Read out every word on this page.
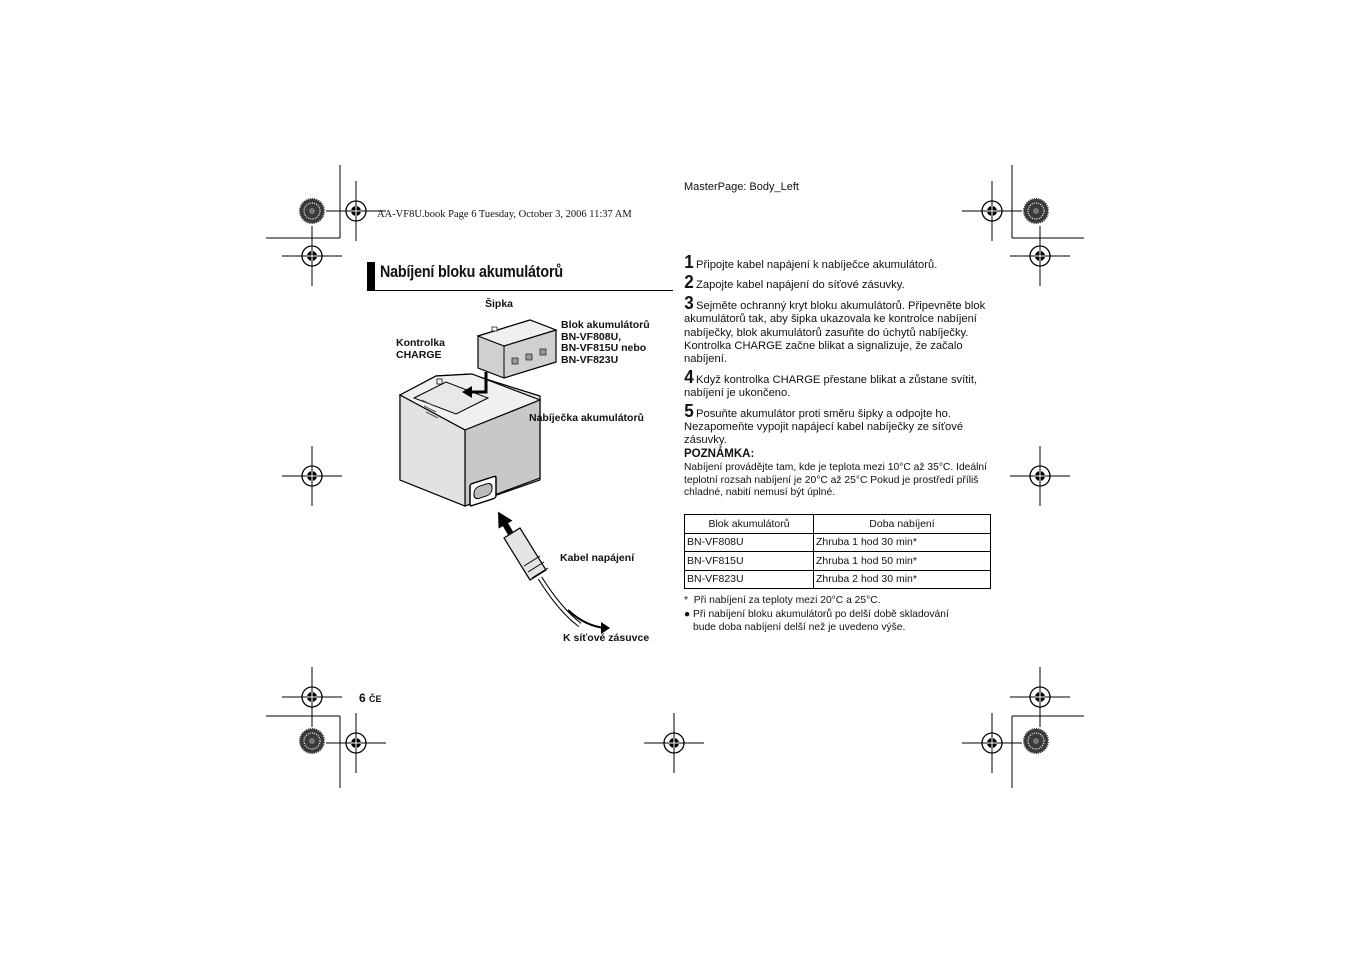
MasterPage: Body_Left
AA-VF8U.book Page 6 Tuesday, October 3, 2006 11:37 AM
Nabíjení bloku akumulátorů
Šipka
Kontrolka
CHARGE
Blok akumulátorů
BN-VF808U,
BN-VF815U nebo
BN-VF823U
Nabíječka akumulátorů
Kabel napájení
K síťové zásuvce
1 Připojte kabel napájení k nabíječce akumulátorů.
2 Zapojte kabel napájení do síťové zásuvky.
3 Sejměte ochranný kryt bloku akumulátorů. Připevněte blok akumulátorů tak, aby šipka ukazovala ke kontrolce nabíjení nabíječky, blok akumulátorů zasuňte do úchytů nabíječky. Kontrolka CHARGE začne blikat a signalizuje, že začalo nabíjení.
4 Když kontrolka CHARGE přestane blikat a zůstane svítit, nabíjení je ukončeno.
5 Posuňte akumulátor proti směru šipky a odpojte ho. Nezapomeňte vypojit napájecí kabel nabíječky ze síťové zásuvky.
POZNÁMKA:
Nabíjení provádějte tam, kde je teplota mezi 10°C až 35°C. Ideální teplotní rozsah nabíjení je 20°C až 25°C Pokud je prostředí příliš chladné, nabití nemusí být úplné.
Blok akumulátorů	Doba nabíjení
BN-VF808U	Zhruba 1 hod 30 min*
BN-VF815U	Zhruba 1 hod 50 min*
BN-VF823U	Zhruba 2 hod 30 min*
*  Při nabíjení za teploty mezi 20°C a 25°C.
● Při nabíjení bloku akumulátorů po delší době skladování
bude doba nabíjení delší než je uvedeno výše.
6 ČE
